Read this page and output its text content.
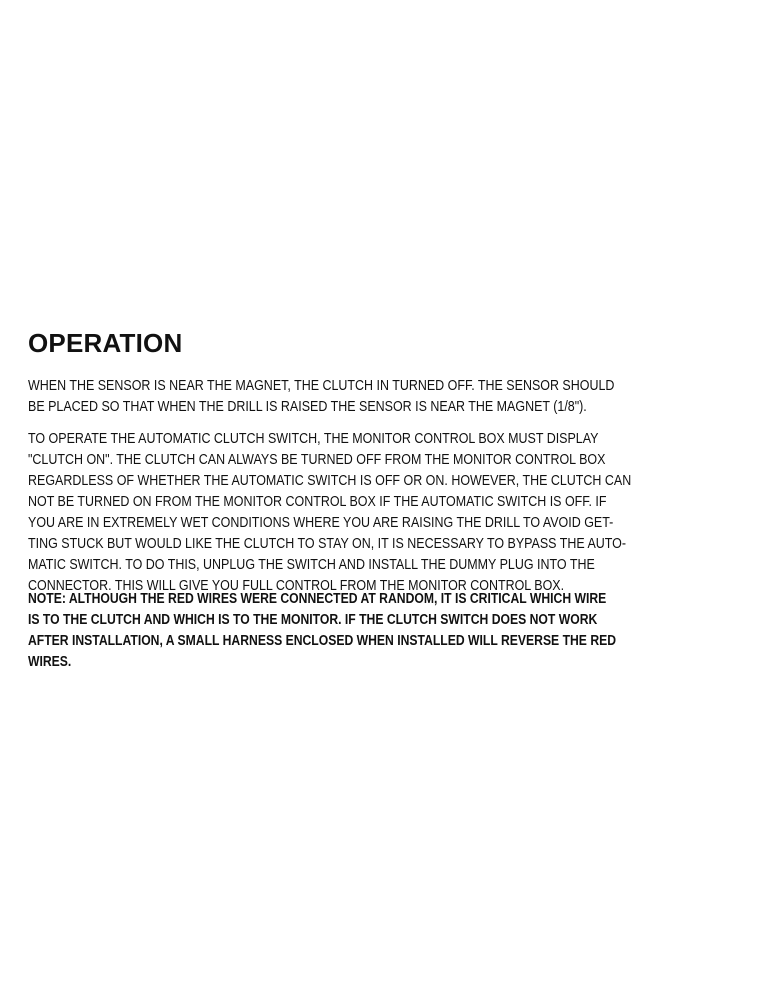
OPERATION
WHEN THE SENSOR IS NEAR THE MAGNET, THE CLUTCH IN TURNED OFF. THE SENSOR SHOULD
BE PLACED SO THAT WHEN THE DRILL IS RAISED THE SENSOR IS NEAR THE MAGNET (1/8").
TO OPERATE THE AUTOMATIC CLUTCH SWITCH, THE MONITOR CONTROL BOX MUST DISPLAY
"CLUTCH ON". THE CLUTCH CAN ALWAYS BE TURNED OFF FROM THE MONITOR CONTROL BOX
REGARDLESS OF WHETHER THE AUTOMATIC SWITCH IS OFF OR ON. HOWEVER, THE CLUTCH CAN
NOT BE TURNED ON FROM THE MONITOR CONTROL BOX IF THE AUTOMATIC SWITCH IS OFF. IF
YOU ARE IN EXTREMELY WET CONDITIONS WHERE YOU ARE RAISING THE DRILL TO AVOID GET-
TING STUCK BUT WOULD LIKE THE CLUTCH TO STAY ON, IT IS NECESSARY TO BYPASS THE AUTO-
MATIC SWITCH. TO DO THIS, UNPLUG THE SWITCH AND INSTALL THE DUMMY PLUG INTO THE
CONNECTOR. THIS WILL GIVE YOU FULL CONTROL FROM THE MONITOR CONTROL BOX.
NOTE: ALTHOUGH THE RED WIRES WERE CONNECTED AT RANDOM, IT IS CRITICAL WHICH WIRE
IS TO THE CLUTCH AND WHICH IS TO THE MONITOR. IF THE CLUTCH SWITCH DOES NOT WORK
AFTER INSTALLATION, A SMALL HARNESS ENCLOSED WHEN INSTALLED WILL REVERSE THE RED
WIRES.
